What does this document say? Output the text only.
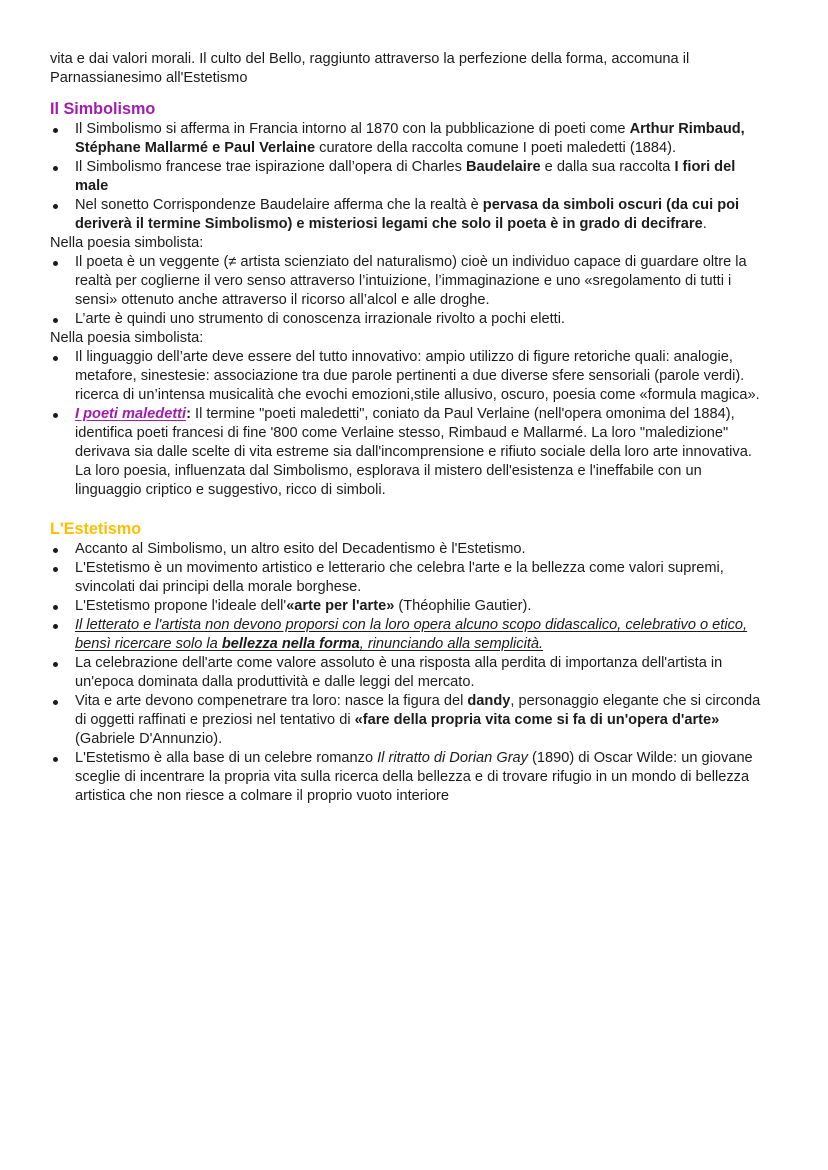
vita e dai valori morali. Il culto del Bello, raggiunto attraverso la perfezione della forma, accomuna il
Parnassianesimo all'Estetismo
Il Simbolismo
Il Simbolismo si afferma in Francia intorno al 1870 con la pubblicazione di poeti come Arthur Rimbaud,
Stéphane Mallarmé e Paul Verlaine curatore della raccolta comune I poeti maledetti (1884).
Il Simbolismo francese trae ispirazione dall’opera di Charles Baudelaire e dalla sua raccolta I fiori del
male
Nel sonetto Corrispondenze Baudelaire afferma che la realtà è pervasa da simboli oscuri (da cui poi
deriverà il termine Simbolismo) e misteriosi legami che solo il poeta è in grado di decifrare.
Nella poesia simbolista:
Il poeta è un veggente (≠ artista scienziato del naturalismo) cioè un individuo capace di guardare oltre la
realtà per coglierne il vero senso attraverso l’intuizione, l’immaginazione e uno «sregolamento di tutti i
sensi» ottenuto anche attraverso il ricorso all’alcol e alle droghe.
L’arte è quindi uno strumento di conoscenza irrazionale rivolto a pochi eletti.
Nella poesia simbolista:
Il linguaggio dell’arte deve essere del tutto innovativo: ampio utilizzo di figure retoriche quali: analogie,
metafore, sinestesie: associazione tra due parole pertinenti a due diverse sfere sensoriali (parole verdi).
ricerca di un’intensa musicalità che evochi emozioni,stile allusivo, oscuro, poesia come «formula magica».
I poeti maledetti: Il termine "poeti maledetti", coniato da Paul Verlaine (nell'opera omonima del 1884),
identifica poeti francesi di fine '800 come Verlaine stesso, Rimbaud e Mallarmé. La loro "maledizione"
derivava sia dalle scelte di vita estreme sia dall'incomprensione e rifiuto sociale della loro arte innovativa.
La loro poesia, influenzata dal Simbolismo, esplorava il mistero dell'esistenza e l'ineffabile con un
linguaggio criptico e suggestivo, ricco di simboli.
L'Estetismo
Accanto al Simbolismo, un altro esito del Decadentismo è l'Estetismo.
L'Estetismo è un movimento artistico e letterario che celebra l'arte e la bellezza come valori supremi,
svincolati dai principi della morale borghese.
L'Estetismo propone l'ideale dell'«arte per l'arte» (Théophilie Gautier).
Il letterato e l'artista non devono proporsi con la loro opera alcuno scopo didascalico, celebrativo o etico,
bensì ricercare solo la bellezza nella forma, rinunciando alla semplicità.
La celebrazione dell'arte come valore assoluto è una risposta alla perdita di importanza dell'artista in
un'epoca dominata dalla produttività e dalle leggi del mercato.
Vita e arte devono compenetrare tra loro: nasce la figura del dandy, personaggio elegante che si circonda
di oggetti raffinati e preziosi nel tentativo di «fare della propria vita come si fa di un'opera d'arte»
(Gabriele D'Annunzio).
L'Estetismo è alla base di un celebre romanzo Il ritratto di Dorian Gray (1890) di Oscar Wilde: un giovane
sceglie di incentrare la propria vita sulla ricerca della bellezza e di trovare rifugio in un mondo di bellezza
artistica che non riesce a colmare il proprio vuoto interiore
